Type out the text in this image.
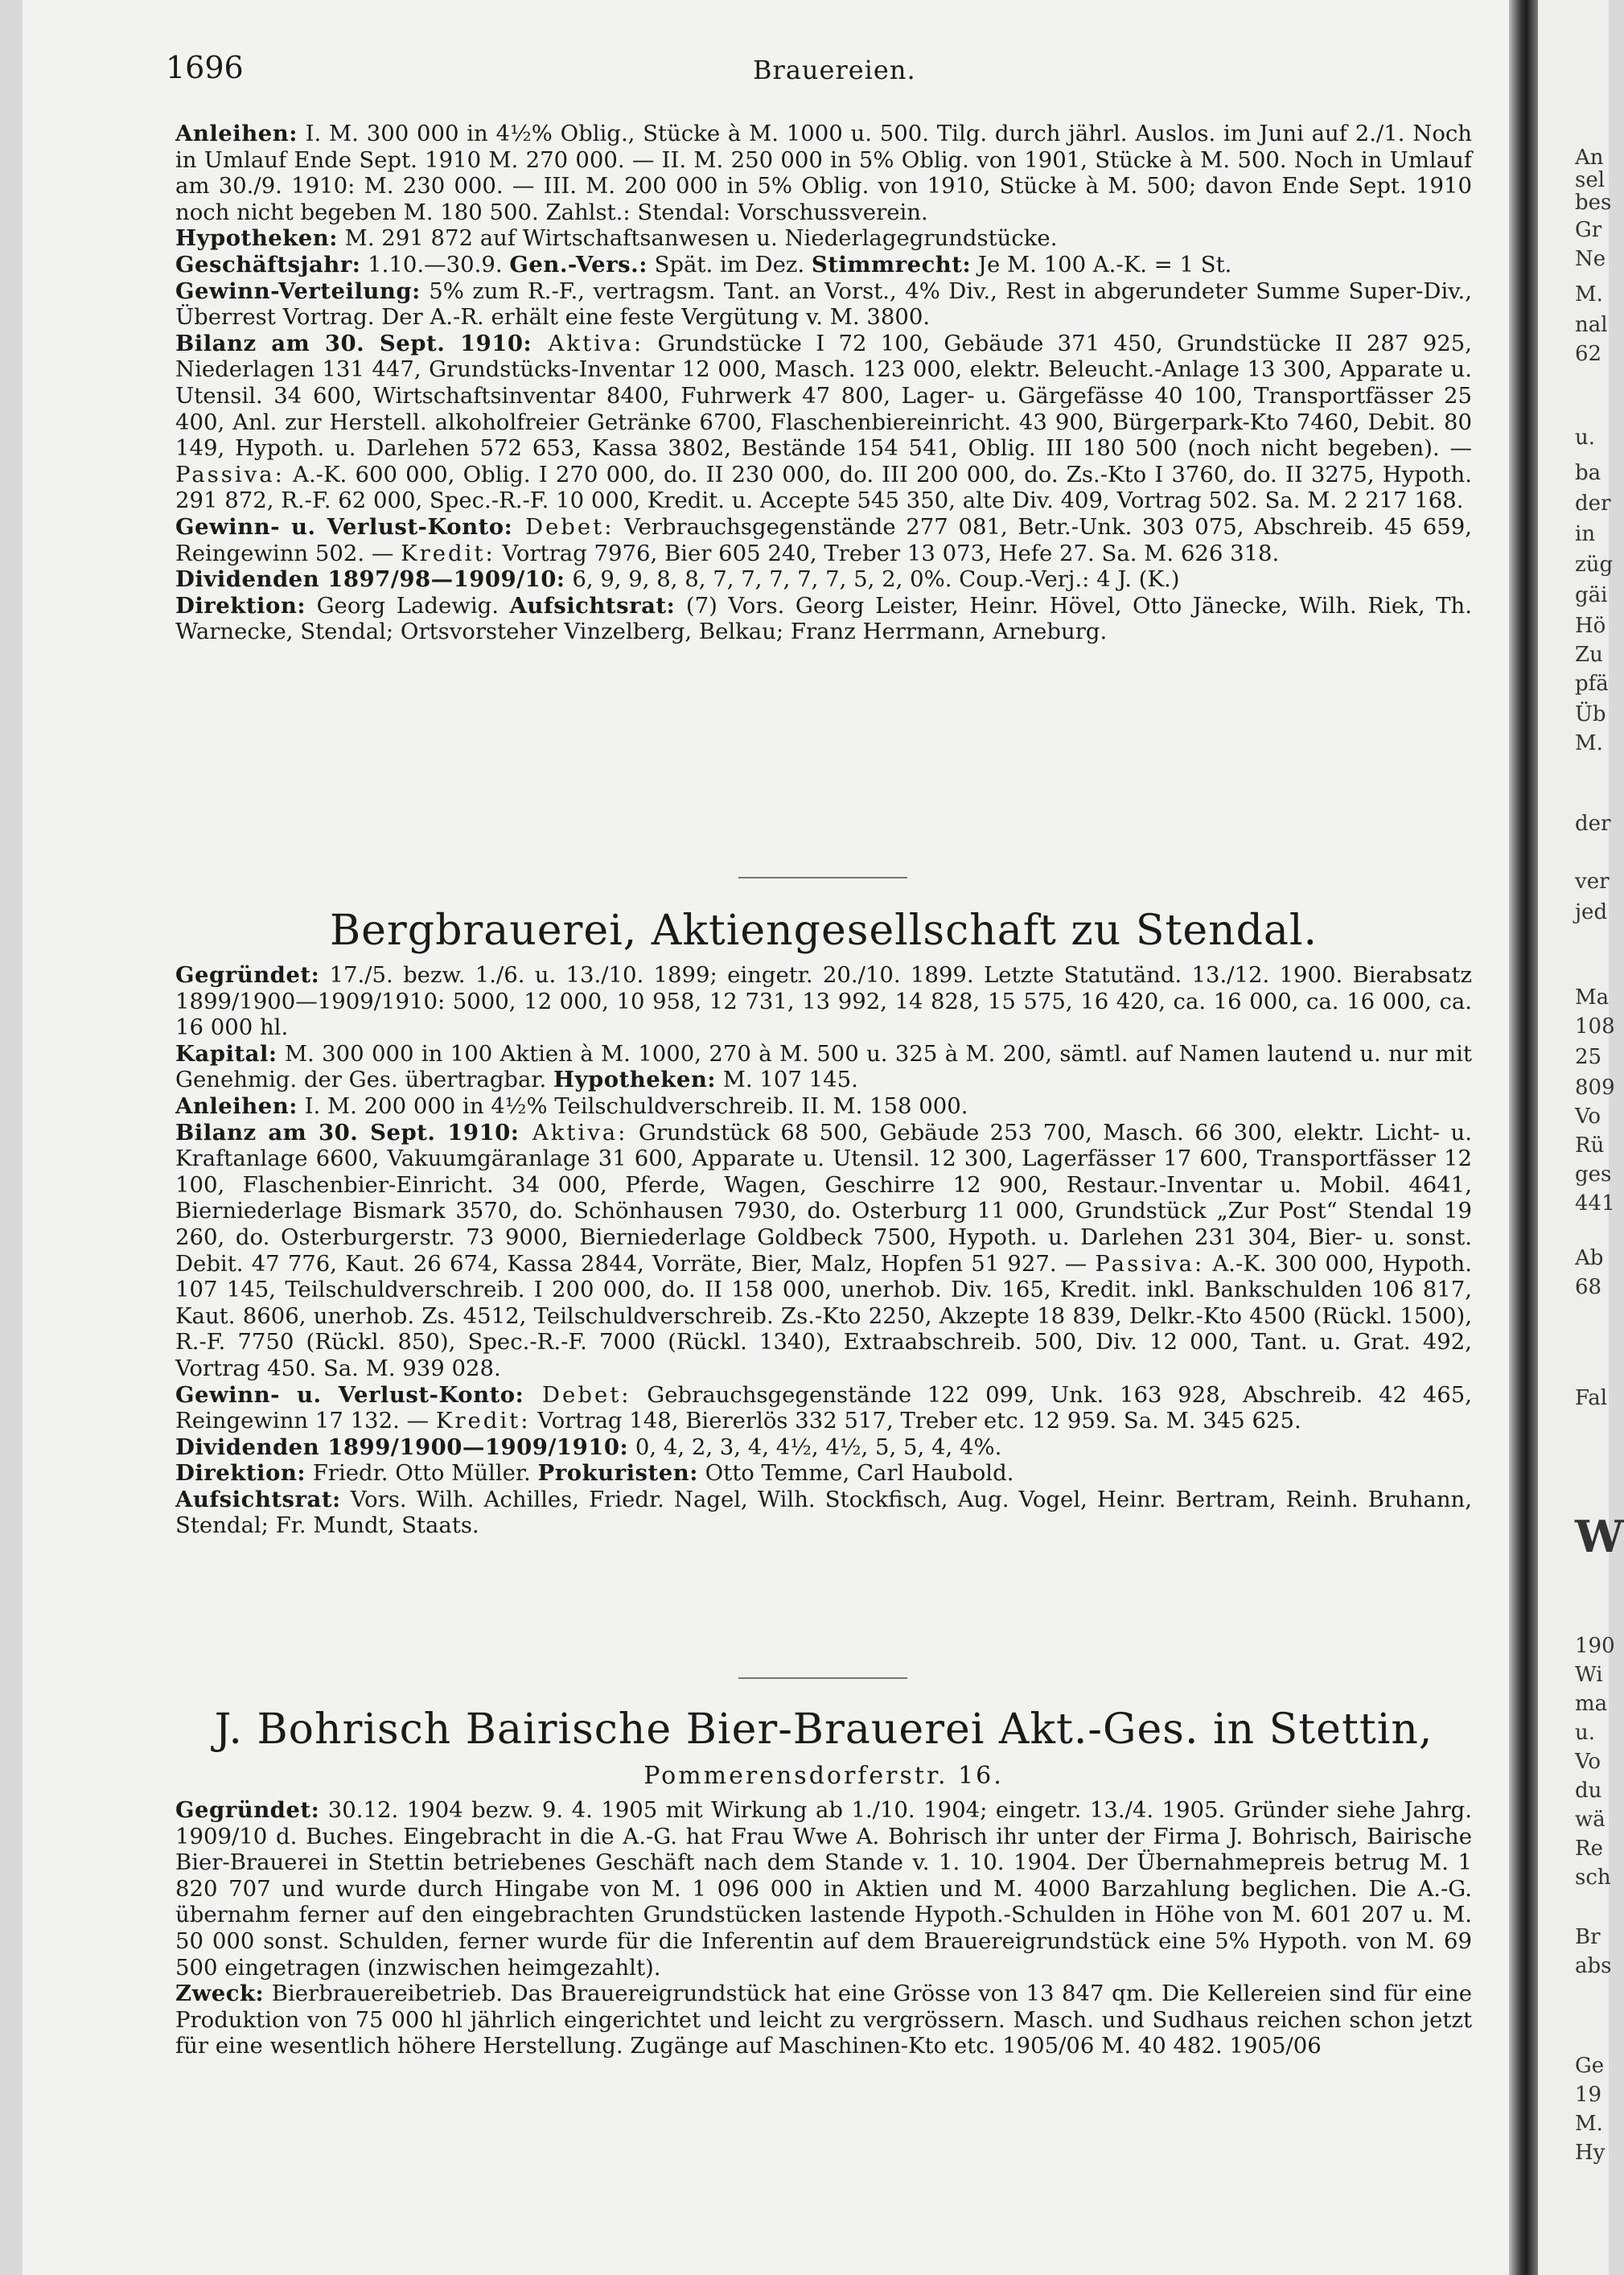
1696	Brauereien.

Anleihen: I. M. 300 000 in 4½% Oblig., Stücke à M. 1000 u. 500. Tilg. durch jährl. Auslos. im Juni auf 2./1. Noch in Umlauf Ende Sept. 1910 M. 270 000. — II. M. 250 000 in 5% Oblig. von 1901, Stücke à M. 500. Noch in Umlauf am 30./9. 1910: M. 230 000. — III. M. 200 000 in 5% Oblig. von 1910, Stücke à M. 500; davon Ende Sept. 1910 noch nicht begeben M. 180 500. Zahlst.: Stendal: Vorschussverein.

Hypotheken: M. 291 872 auf Wirtschaftsanwesen u. Niederlagegrundstücke.

Geschäftsjahr: 1.10.—30.9. Gen.-Vers.: Spät. im Dez. Stimmrecht: Je M. 100 A.-K. = 1 St.

Gewinn-Verteilung: 5% zum R.-F., vertragsm. Tant. an Vorst., 4% Div., Rest in abgerundeter Summe Super-Div., Überrest Vortrag. Der A.-R. erhält eine feste Vergütung v. M. 3800.

Bilanz am 30. Sept. 1910: Aktiva: Grundstücke I 72 100, Gebäude 371 450, Grundstücke II 287 925, Niederlagen 131 447, Grundstücks-Inventar 12 000, Masch. 123 000, elektr. Beleucht.-Anlage 13 300, Apparate u. Utensil. 34 600, Wirtschaftsinventar 8400, Fuhrwerk 47 800, Lager- u. Gärgefässe 40 100, Transportfässer 25 400, Anl. zur Herstell. alkoholfreier Getränke 6700, Flaschenbiereinricht. 43 900, Bürgerpark-Kto 7460, Debit. 80 149, Hypoth. u. Darlehen 572 653, Kassa 3802, Bestände 154 541, Oblig. III 180 500 (noch nicht begeben). — Passiva: A.-K. 600 000, Oblig. I 270 000, do. II 230 000, do. III 200 000, do. Zs.-Kto I 3760, do. II 3275, Hypoth. 291 872, R.-F. 62 000, Spec.-R.-F. 10 000, Kredit. u. Accepte 545 350, alte Div. 409, Vortrag 502. Sa. M. 2 217 168.

Gewinn- u. Verlust-Konto: Debet: Verbrauchsgegenstände 277 081, Betr.-Unk. 303 075, Abschreib. 45 659, Reingewinn 502. — Kredit: Vortrag 7976, Bier 605 240, Treber 13 073, Hefe 27. Sa. M. 626 318.

Dividenden 1897/98—1909/10: 6, 9, 9, 8, 8, 7, 7, 7, 7, 7, 5, 2, 0%. Coup.-Verj.: 4 J. (K.)

Direktion: Georg Ladewig. Aufsichtsrat: (7) Vors. Georg Leister, Heinr. Hövel, Otto Jänecke, Wilh. Riek, Th. Warnecke, Stendal; Ortsvorsteher Vinzelberg, Belkau; Franz Herrmann, Arneburg.

Bergbrauerei, Aktiengesellschaft zu Stendal.

Gegründet: 17./5. bezw. 1./6. u. 13./10. 1899; eingetr. 20./10. 1899. Letzte Statutänd. 13./12. 1900. Bierabsatz 1899/1900—1909/1910: 5000, 12 000, 10 958, 12 731, 13 992, 14 828, 15 575, 16 420, ca. 16 000, ca. 16 000, ca. 16 000 hl.

Kapital: M. 300 000 in 100 Aktien à M. 1000, 270 à M. 500 u. 325 à M. 200, sämtl. auf Namen lautend u. nur mit Genehmig. der Ges. übertragbar. Hypotheken: M. 107 145.

Anleihen: I. M. 200 000 in 4½% Teilschuldverschreib. II. M. 158 000.

Bilanz am 30. Sept. 1910: Aktiva: Grundstück 68 500, Gebäude 253 700, Masch. 66 300, elektr. Licht- u. Kraftanlage 6600, Vakuumgäranlage 31 600, Apparate u. Utensil. 12 300, Lagerfässer 17 600, Transportfässer 12 100, Flaschenbier-Einricht. 34 000, Pferde, Wagen, Geschirre 12 900, Restaur.-Inventar u. Mobil. 4641, Bierniederlage Bismark 3570, do. Schönhausen 7930, do. Osterburg 11 000, Grundstück „Zur Post“ Stendal 19 260, do. Osterburgerstr. 73 9000, Bierniederlage Goldbeck 7500, Hypoth. u. Darlehen 231 304, Bier- u. sonst. Debit. 47 776, Kaut. 26 674, Kassa 2844, Vorräte, Bier, Malz, Hopfen 51 927. — Passiva: A.-K. 300 000, Hypoth. 107 145, Teilschuldverschreib. I 200 000, do. II 158 000, unerhob. Div. 165, Kredit. inkl. Bankschulden 106 817, Kaut. 8606, unerhob. Zs. 4512, Teilschuldverschreib. Zs.-Kto 2250, Akzepte 18 839, Delkr.-Kto 4500 (Rückl. 1500), R.-F. 7750 (Rückl. 850), Spec.-R.-F. 7000 (Rückl. 1340), Extraabschreib. 500, Div. 12 000, Tant. u. Grat. 492, Vortrag 450. Sa. M. 939 028.

Gewinn- u. Verlust-Konto: Debet: Gebrauchsgegenstände 122 099, Unk. 163 928, Abschreib. 42 465, Reingewinn 17 132. — Kredit: Vortrag 148, Biererlös 332 517, Treber etc. 12 959. Sa. M. 345 625.

Dividenden 1899/1900—1909/1910: 0, 4, 2, 3, 4, 4½, 4½, 5, 5, 4, 4%.

Direktion: Friedr. Otto Müller. Prokuristen: Otto Temme, Carl Haubold.

Aufsichtsrat: Vors. Wilh. Achilles, Friedr. Nagel, Wilh. Stockfisch, Aug. Vogel, Heinr. Bertram, Reinh. Bruhann, Stendal; Fr. Mundt, Staats.

J. Bohrisch Bairische Bier-Brauerei Akt.-Ges. in Stettin,
Pommerensdorferstr. 16.

Gegründet: 30.12. 1904 bezw. 9. 4. 1905 mit Wirkung ab 1./10. 1904; eingetr. 13./4. 1905. Gründer siehe Jahrg. 1909/10 d. Buches. Eingebracht in die A.-G. hat Frau Wwe A. Bohrisch ihr unter der Firma J. Bohrisch, Bairische Bier-Brauerei in Stettin betriebenes Geschäft nach dem Stande v. 1. 10. 1904. Der Übernahmepreis betrug M. 1 820 707 und wurde durch Hingabe von M. 1 096 000 in Aktien und M. 4000 Barzahlung beglichen. Die A.-G. übernahm ferner auf den eingebrachten Grundstücken lastende Hypoth.-Schulden in Höhe von M. 601 207 u. M. 50 000 sonst. Schulden, ferner wurde für die Inferentin auf dem Brauereigrundstück eine 5% Hypoth. von M. 69 500 eingetragen (inzwischen heimgezahlt).

Zweck: Bierbrauereibetrieb. Das Brauereigrundstück hat eine Grösse von 13 847 qm. Die Kellereien sind für eine Produktion von 75 000 hl jährlich eingerichtet und leicht zu vergrössern. Masch. und Sudhaus reichen schon jetzt für eine wesentlich höhere Herstellung. Zugänge auf Maschinen-Kto etc. 1905/06 M. 40 482. 1905/06

An
sel
bes
Gr
Ne
M.
nal
62
u.
ba
der
in
züg
gäi
Hö
Zu
pfä
Üb
M.
der
ver
jed
Ma
108
25
809
Vo
Rü
ges
441
Ab
68
Fal
W
190
Wi
ma
u.
Vo
du
wä
Re
sch
Br
abs
Ge
19
M.
Hy
